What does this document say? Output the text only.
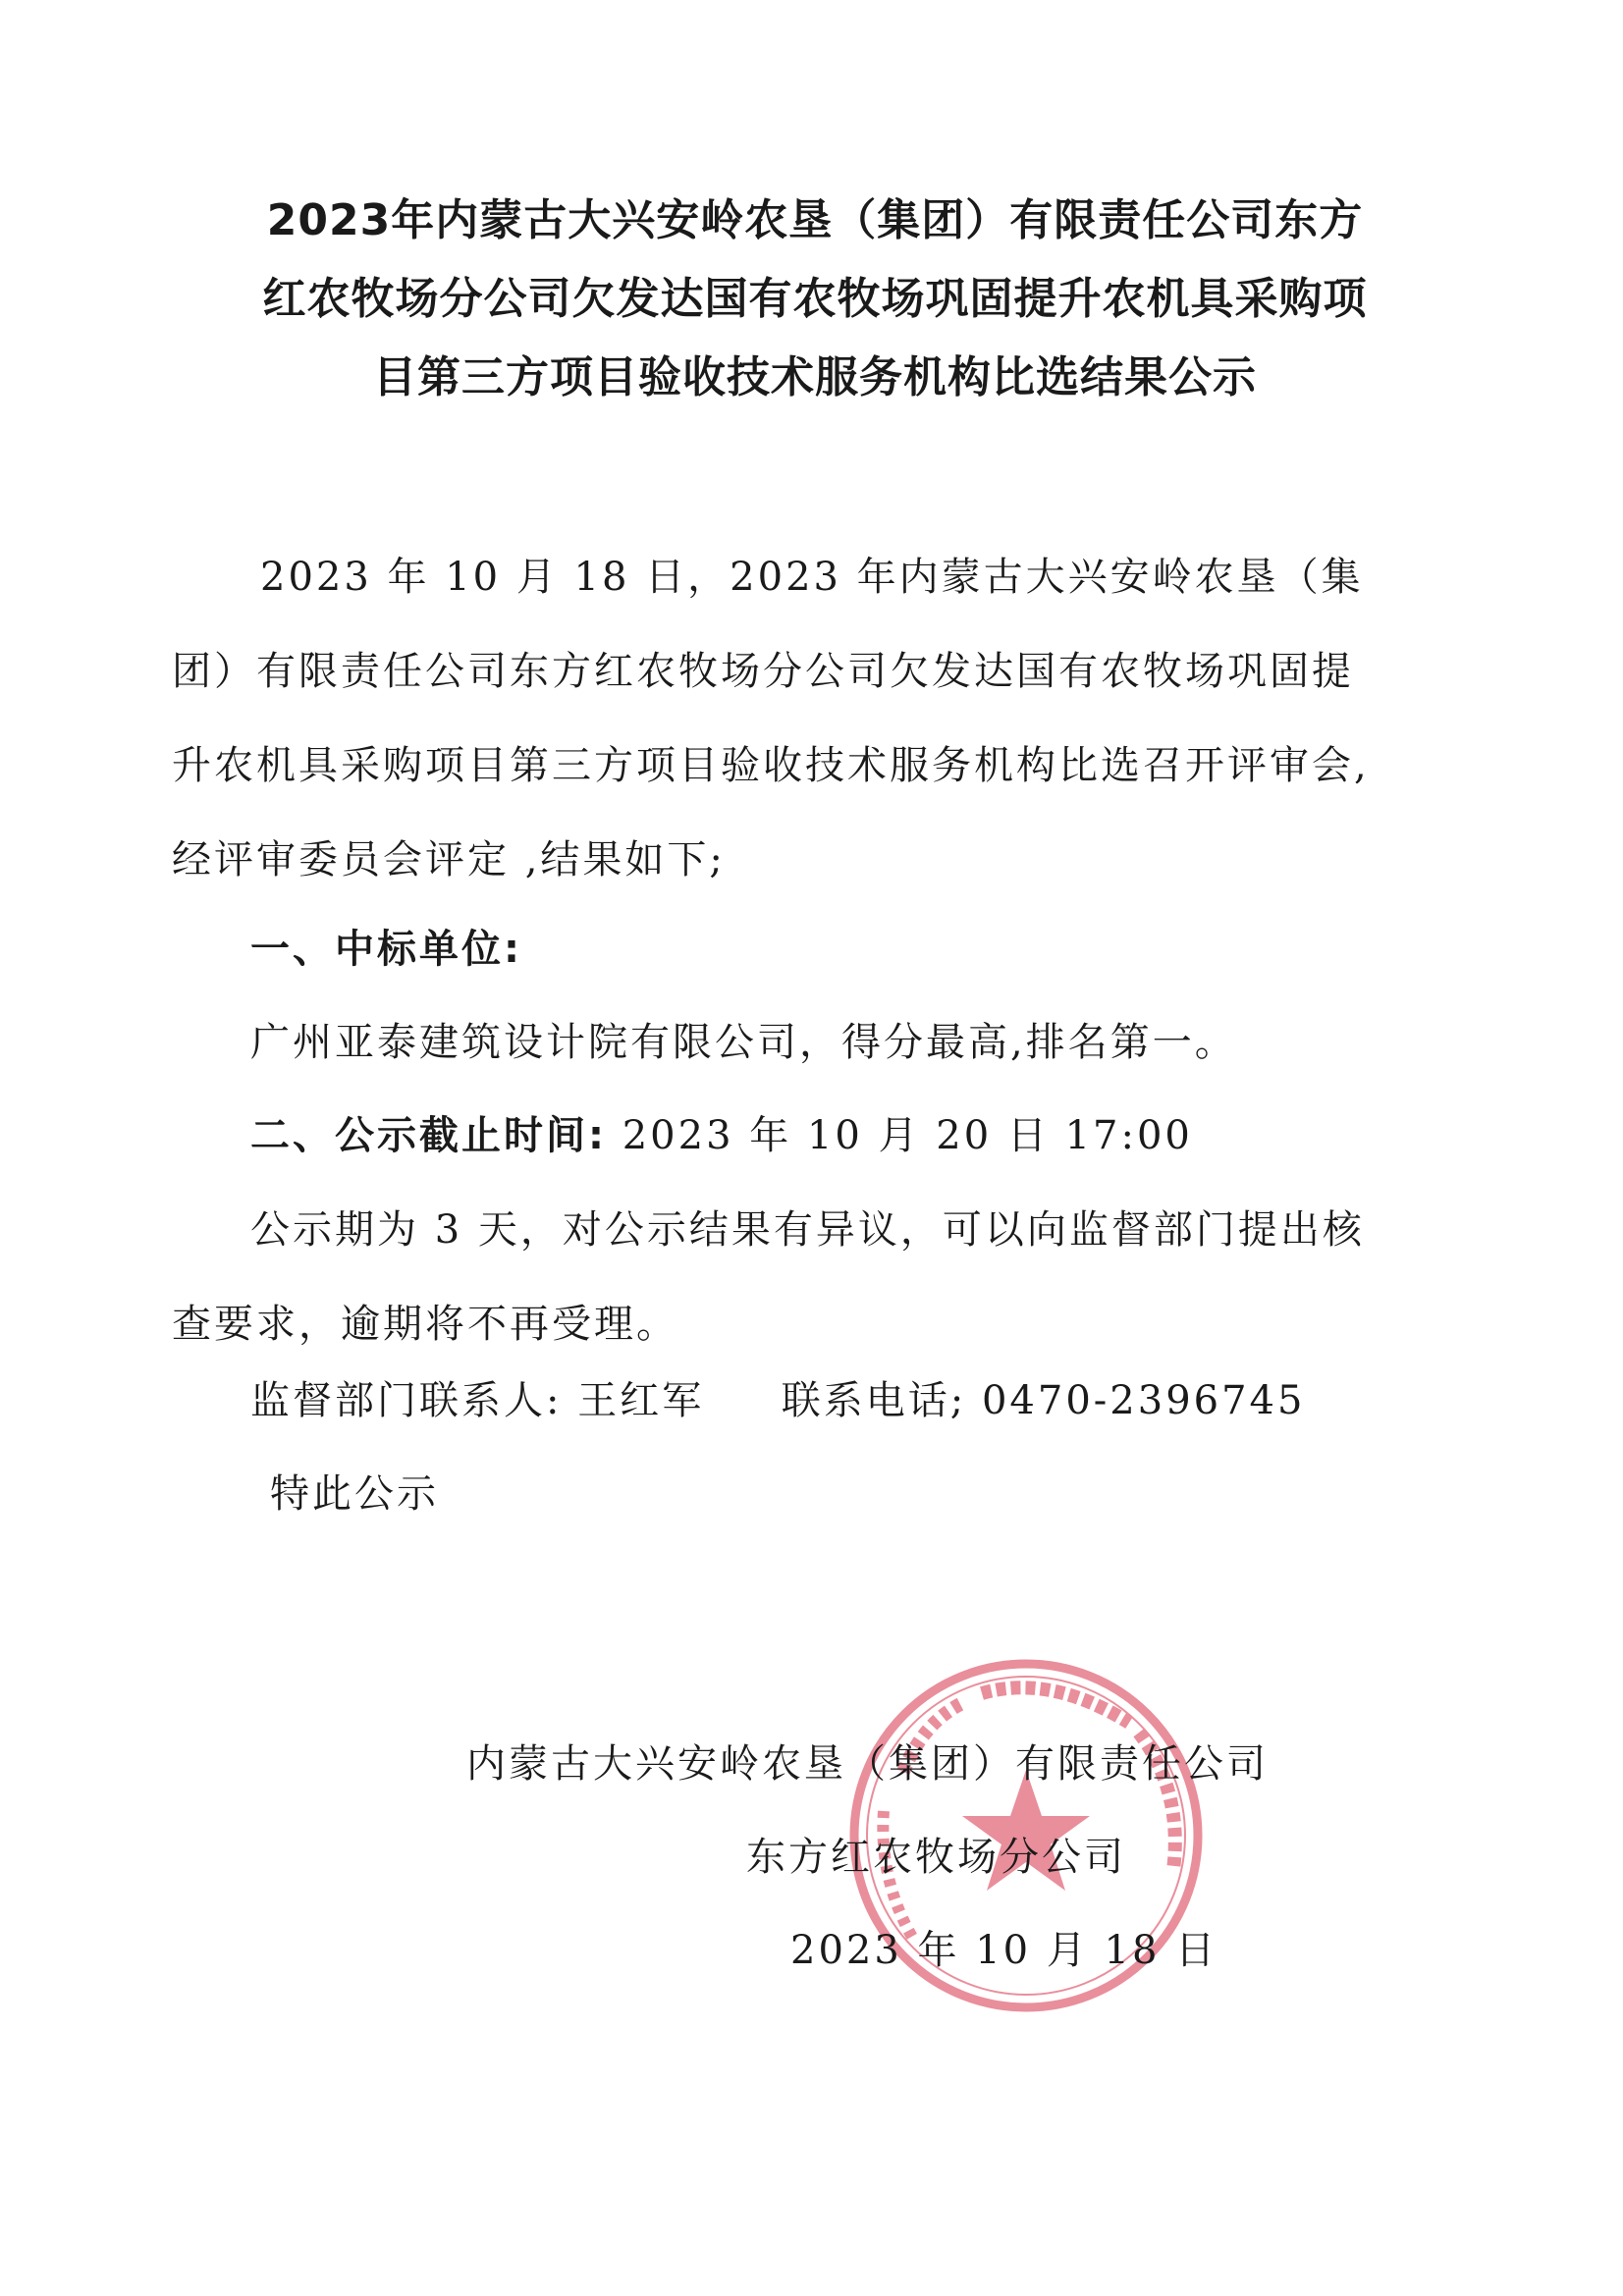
2023年内蒙古大兴安岭农垦（集团）有限责任公司东方
红农牧场分公司欠发达国有农牧场巩固提升农机具采购项
目第三方项目验收技术服务机构比选结果公示
2023 年 10 月 18 日，2023 年内蒙古大兴安岭农垦（集团）有限责任公司东方红农牧场分公司欠发达国有农牧场巩固提升农机具采购项目第三方项目验收技术服务机构比选召开评审会,经评审委员会评定 ,结果如下;
一、中标单位:
广州亚泰建筑设计院有限公司，得分最高,排名第一。
二、公示截止时间: 2023 年 10 月 20 日 17:00
公示期为 3 天，对公示结果有异议，可以向监督部门提出核查要求，逾期将不再受理。
监督部门联系人: 王红军 联系电话; 0470-2396745
特此公示
内蒙古大兴安岭农垦（集团）有限责任公司
东方红农牧场分公司
2023 年 10 月 18 日
